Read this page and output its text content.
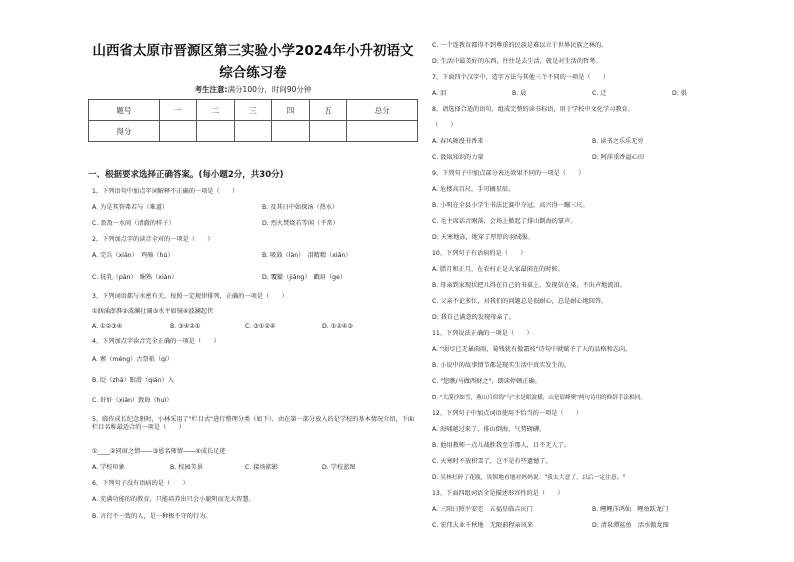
山西省太原市晋源区第三实验小学2024年小升初语文综合练习卷
考生注意:满分100分，时间90分钟
题号	一	二	三	四	五	总分
得分						
一、根据要求选择正确答案。(每小题2分，共30分)
1、下列语句中加点字词解释不正确的一项是（　　）
A. 为是其智弗若与（难道）	B. 及其日中如探汤（热水）
C. 盈盈一水间（清澈的样子）	D. 烈火焚烧若等闲（平常）
2、下列加点字的读音全对的一项是（　　）
A. 完兵（xiān）　鸡骑（hú）	B. 吸鼓（làn）　泪精精（xiǎn）
C. 抚乳（pān）　媚熟（xián）	D. 覆辙（jiāng）　戳眉（ge）
3、下列词语都与水密有关，按照一定规律排列，正确的一项是（　　）
①汹涌澎湃②波澜壮阔③水平如镜④波澜起伏
A. ①②③④	B. ③④②①	C. ③①②④	D. ①②④③
4、下列加点字读音完全正确的一项是（　　）
A. 萦（méng）古祭祇（qí）
B. 眨（zhǎ）眼滑（qián）入
C. 奸奸（xián）敦诲（huì）
5、临作成长纪念册时，小林采用了"栏目式"进行整理分类（如下）。由在第一部分放入的是学校的基本情况介绍，下面栏目名称最适合的一项是（　　）
①____②同窗之情——③恩名师情——④成长足迹
A. 学校印象	B. 校园美景	C. 接场掂影	D. 学校蓝图
6、下列句子没有语病的是（　　）
A. 充满功能的的教育，只能培养出只会小聪明而无大智慧。
B. 言行不一致的人，是一种极不守的行为。
C. 一个连教育都得不到尊重的民族是难以立于世界民族之林的。
D. 生活中最美好的东西，往往是去生活，就是对生活的哲考。
7、下面四个汉字中，造字方法与其他三个不同的一项是（　　）
A. 泪	B. 晨	C. 迁	D. 俱
8、请选择合适的语句，组成完整的读书标语，用于学校中文化学习教育。
（　　）
A. 春风舞漫书香来	B. 读书之乐乐无穷
C. 汲取知识的力量	D. 阿萍重香溢心田
9、下列句子中加点部分表达效果不同的一项是（　　）
A. 危楼高百尺，手可摘星辰。
B. 小明在全县小学生书法比赛中夺冠，高兴得一蹦三尺。
C. 毛主席话音刚落，会场上掀起了排山倒海的掌声。
D. 天寒地冻，地穿了厚厚的羽绒服。
10、下列句子有语病的是（　　）
A. 腊月和正月，在农村正是大家最闲在的时候。
B. 母亲到家现状把儿得在自己的书桌上，发现信在桌，不出声地流泪。
C. 父亲不论多忙，对我们的问题总是很耐心，总是耐心地回答。
D. 我自己满意的发现母亲了。
11、下列说法正确的一项是（　　）
A. "弱尽已无暴雨雨，菊残犹有傲霜枝"诗句中就赋予了人的品格和志向。
B. 小说中的故事情节都是现实生活中真实发生的。
C. "您瞧/马做西财之"，朗读停顿正确。
D. "大漠沙如雪，燕山月似钩"与"水是眼波横，山是眉峰聚"两句诗用的修辞手法相同。
12、下列句子中加点词语使用不恰当的一项是（　　）
A. 海啸越过来了，排山倒海，气势磅礴。
B. 他用教师一点儿战胜我至手那人，目不无人了。
C. 天寒时不放积雪了，岂不是有些遗憾了。
D. 吴林打碎了花瓶，畏惧地看地对妈妈说："我太大意了，以后一定注意。"
13、下面四组词语全是描述形容性的是（　　）
A. 三阳日照平安宅　五福星临吉庆门	B. 鲤鲤洋鸿仙　鲤鱼跃龙门
C. 宏伟大业千秋地　无限前程亲风来	D. 清泉潭鲨鱼　活水傲龙图
